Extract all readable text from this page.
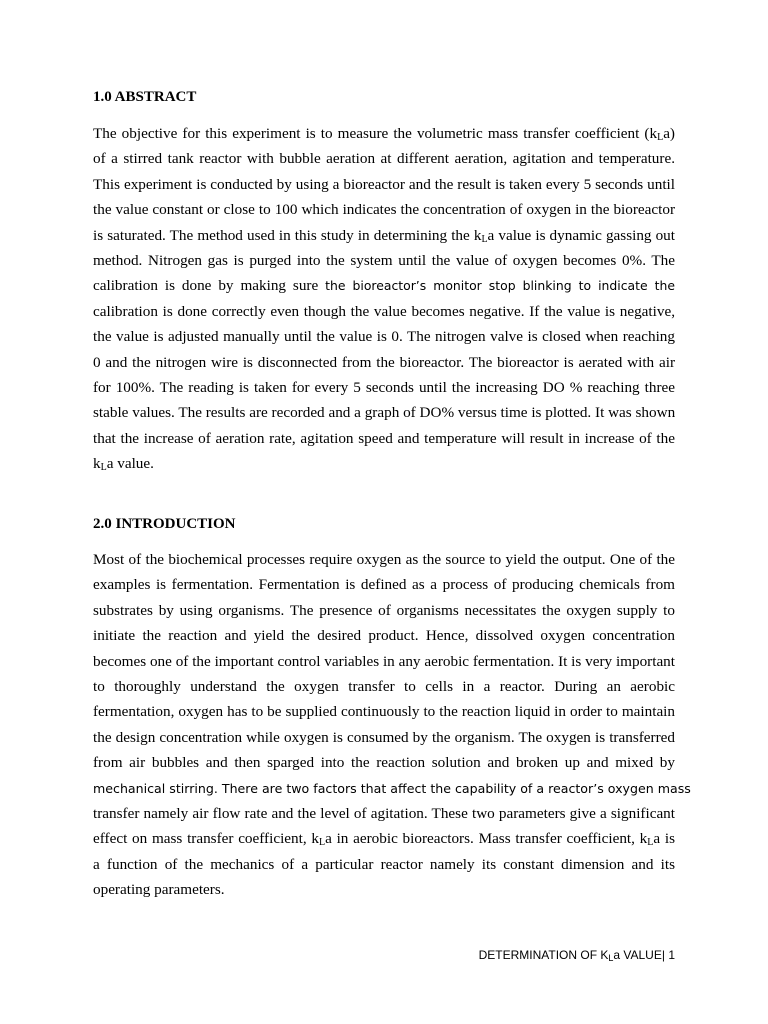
1.0 ABSTRACT
The objective for this experiment is to measure the volumetric mass transfer coefficient $(k_La)$
of a stirred tank reactor with bubble aeration at different aeration, agitation and temperature.
This experiment is conducted by using a bioreactor and the result is taken every 5 seconds until
the value constant or close to 100 which indicates the concentration of oxygen in the bioreactor
is saturated. The method used in this study in determining the $k_La$ value is dynamic gassing out
method. Nitrogen gas is purged into the system until the value of oxygen becomes 0%. The
calibration is done by making sure the bioreactor’s monitor stop blinking to indicate the
calibration is done correctly even though the value becomes negative. If the value is negative,
the value is adjusted manually until the value is 0. The nitrogen valve is closed when reaching
0 and the nitrogen wire is disconnected from the bioreactor. The bioreactor is aerated with air
for 100%. The reading is taken for every 5 seconds until the increasing DO % reaching three
stable values. The results are recorded and a graph of DO% versus time is plotted. It was shown
that the increase of aeration rate, agitation speed and temperature will result in increase of the
$k_La$ value.
2.0 INTRODUCTION
Most of the biochemical processes require oxygen as the source to yield the output. One of the
examples is fermentation. Fermentation is defined as a process of producing chemicals from
substrates by using organisms. The presence of organisms necessitates the oxygen supply to
initiate the reaction and yield the desired product. Hence, dissolved oxygen concentration
becomes one of the important control variables in any aerobic fermentation. It is very important
to thoroughly understand the oxygen transfer to cells in a reactor. During an aerobic
fermentation, oxygen has to be supplied continuously to the reaction liquid in order to maintain
the design concentration while oxygen is consumed by the organism. The oxygen is transferred
from air bubbles and then sparged into the reaction solution and broken up and mixed by
mechanical stirring. There are two factors that affect the capability of a reactor’s oxygen mass
transfer namely air flow rate and the level of agitation. These two parameters give a significant
effect on mass transfer coefficient, $k_La$ in aerobic bioreactors. Mass transfer coefficient, $k_La$ is
a function of the mechanics of a particular reactor namely its constant dimension and its
operating parameters.
DETERMINATION OF $K_La$ VALUE| 1
